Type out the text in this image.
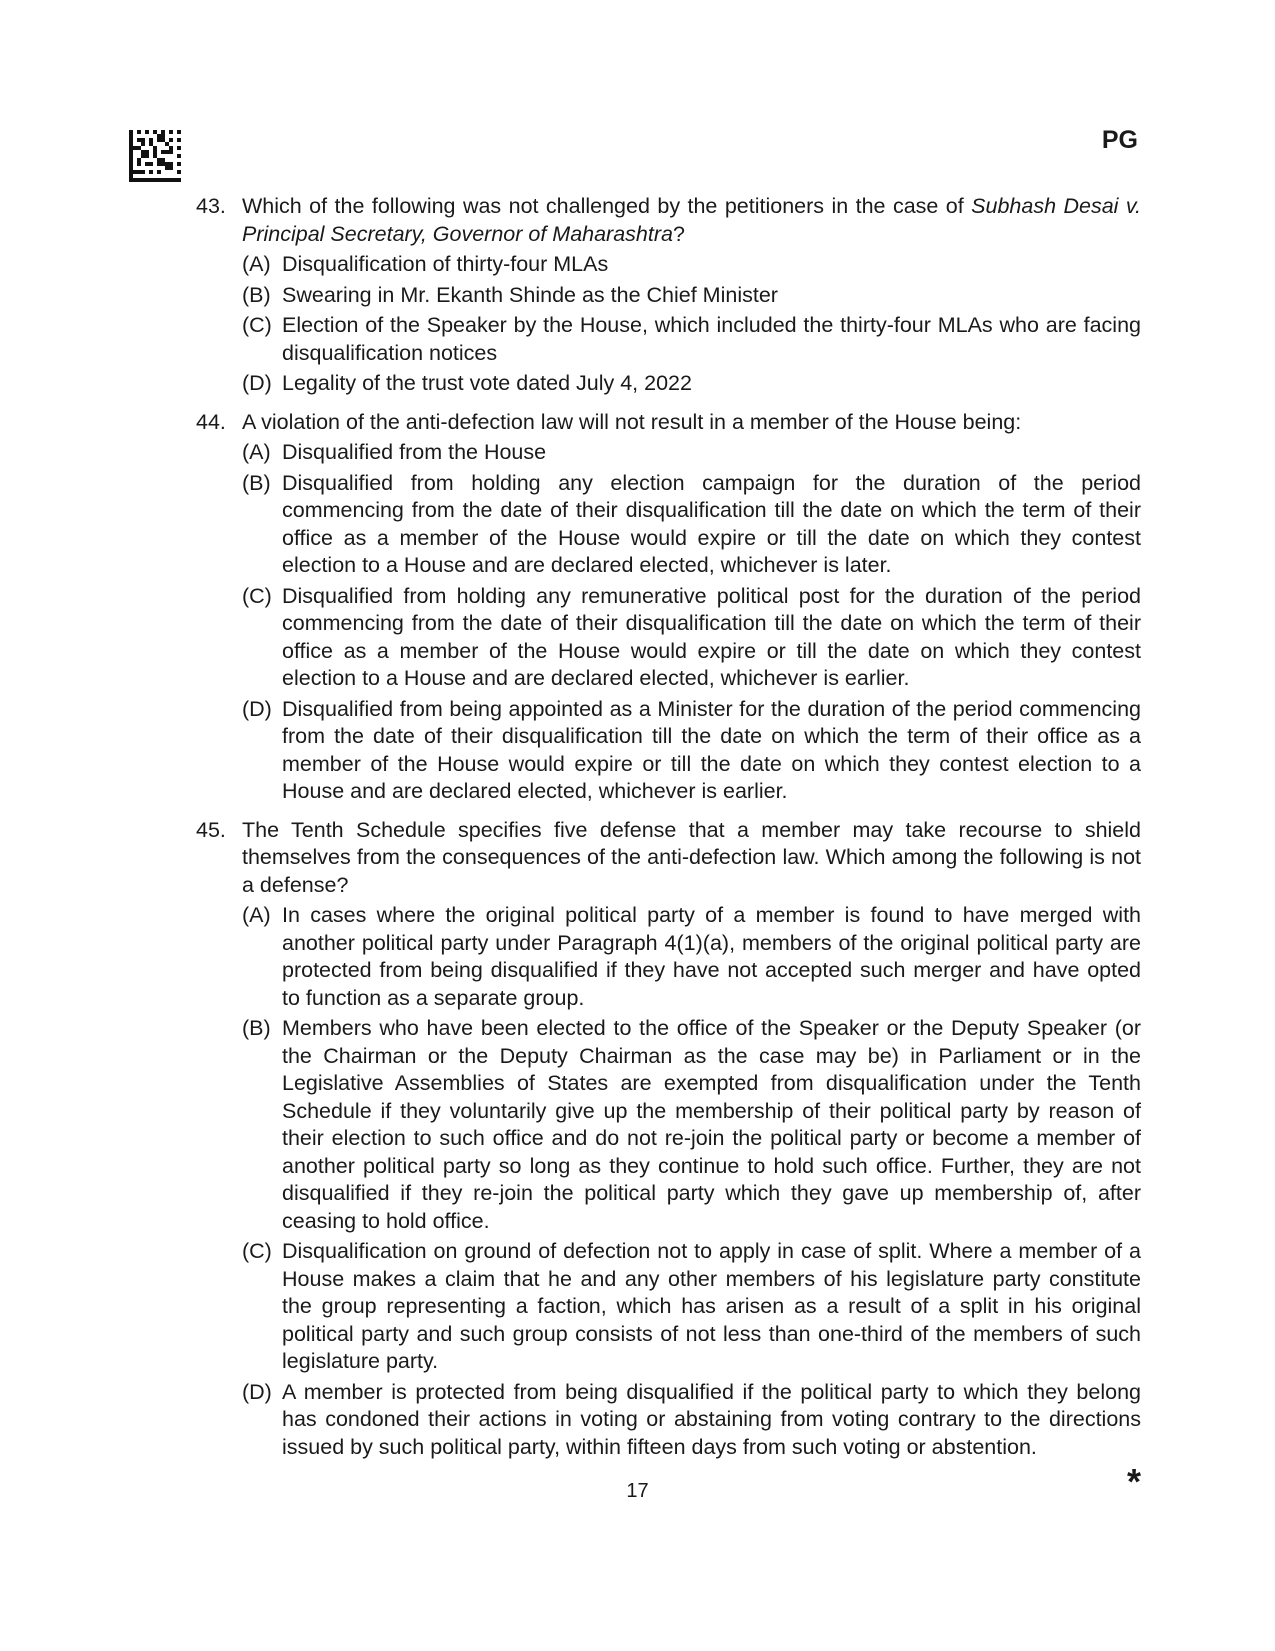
PG
43. Which of the following was not challenged by the petitioners in the case of Subhash Desai v. Principal Secretary, Governor of Maharashtra?
(A) Disqualification of thirty-four MLAs
(B) Swearing in Mr. Ekanth Shinde as the Chief Minister
(C) Election of the Speaker by the House, which included the thirty-four MLAs who are facing disqualification notices
(D) Legality of the trust vote dated July 4, 2022
44. A violation of the anti-defection law will not result in a member of the House being:
(A) Disqualified from the House
(B) Disqualified from holding any election campaign for the duration of the period commencing from the date of their disqualification till the date on which the term of their office as a member of the House would expire or till the date on which they contest election to a House and are declared elected, whichever is later.
(C) Disqualified from holding any remunerative political post for the duration of the period commencing from the date of their disqualification till the date on which the term of their office as a member of the House would expire or till the date on which they contest election to a House and are declared elected, whichever is earlier.
(D) Disqualified from being appointed as a Minister for the duration of the period commencing from the date of their disqualification till the date on which the term of their office as a member of the House would expire or till the date on which they contest election to a House and are declared elected, whichever is earlier.
45. The Tenth Schedule specifies five defense that a member may take recourse to shield themselves from the consequences of the anti-defection law. Which among the following is not a defense?
(A) In cases where the original political party of a member is found to have merged with another political party under Paragraph 4(1)(a), members of the original political party are protected from being disqualified if they have not accepted such merger and have opted to function as a separate group.
(B) Members who have been elected to the office of the Speaker or the Deputy Speaker (or the Chairman or the Deputy Chairman as the case may be) in Parliament or in the Legislative Assemblies of States are exempted from disqualification under the Tenth Schedule if they voluntarily give up the membership of their political party by reason of their election to such office and do not re-join the political party or become a member of another political party so long as they continue to hold such office. Further, they are not disqualified if they re-join the political party which they gave up membership of, after ceasing to hold office.
(C) Disqualification on ground of defection not to apply in case of split. Where a member of a House makes a claim that he and any other members of his legislature party constitute the group representing a faction, which has arisen as a result of a split in his original political party and such group consists of not less than one-third of the members of such legislature party.
(D) A member is protected from being disqualified if the political party to which they belong has condoned their actions in voting or abstaining from voting contrary to the directions issued by such political party, within fifteen days from such voting or abstention.
17	*
